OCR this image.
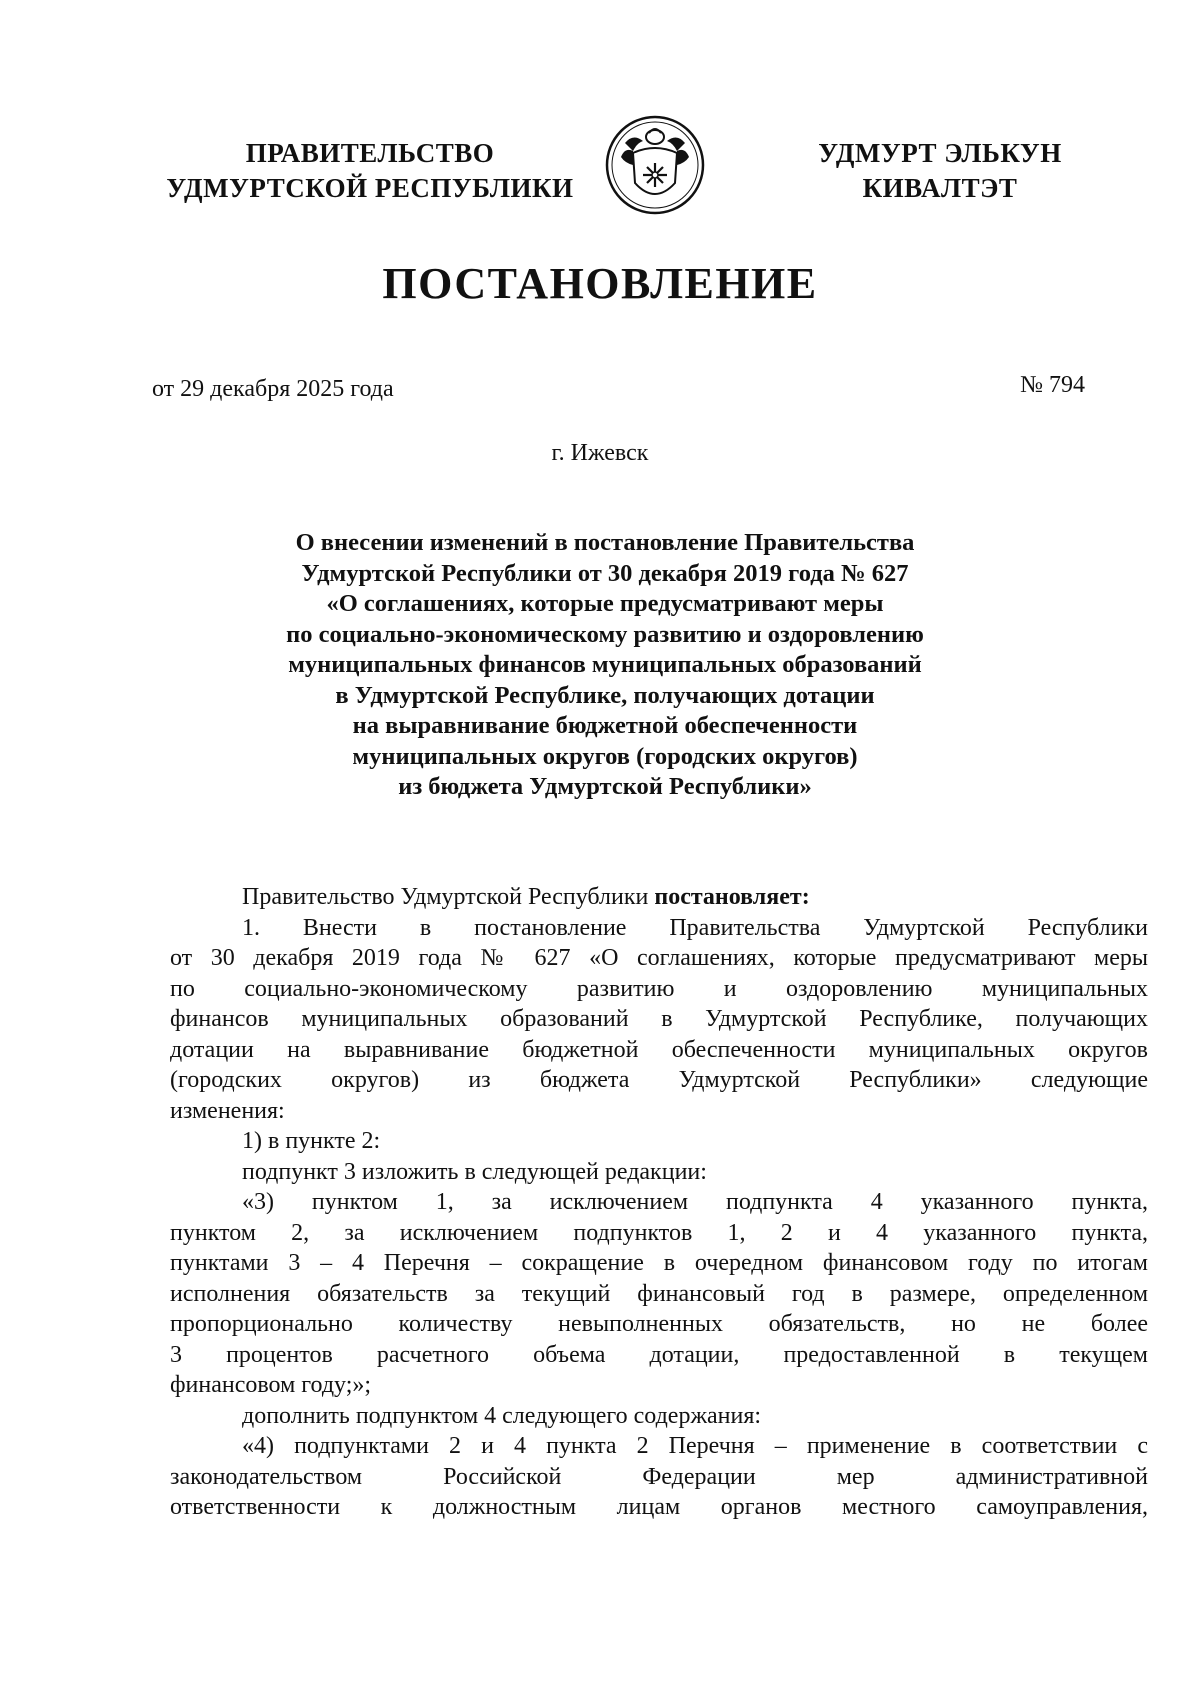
ПРАВИТЕЛЬСТВО
УДМУРТСКОЙ РЕСПУБЛИКИ
УДМУРТ ЭЛЬКУН
КИВАЛТЭТ
ПОСТАНОВЛЕНИЕ
от 29 декабря 2025 года	№ 794
г. Ижевск
О внесении изменений в постановление Правительства
Удмуртской Республики от 30 декабря 2019 года № 627
«О соглашениях, которые предусматривают меры
по социально-экономическому развитию и оздоровлению
муниципальных финансов муниципальных образований
в Удмуртской Республике, получающих дотации
на выравнивание бюджетной обеспеченности
муниципальных округов (городских округов)
из бюджета Удмуртской Республики»
Правительство Удмуртской Республики постановляет:
1. Внести в постановление Правительства Удмуртской Республики
от 30 декабря 2019 года № 627 «О соглашениях, которые предусматривают меры
по социально-экономическому развитию и оздоровлению муниципальных
финансов муниципальных образований в Удмуртской Республике, получающих
дотации на выравнивание бюджетной обеспеченности муниципальных округов
(городских округов) из бюджета Удмуртской Республики» следующие
изменения:
1) в пункте 2:
подпункт 3 изложить в следующей редакции:
«3) пунктом 1, за исключением подпункта 4 указанного пункта,
пунктом 2, за исключением подпунктов 1, 2 и 4 указанного пункта,
пунктами 3 – 4 Перечня – сокращение в очередном финансовом году по итогам
исполнения обязательств за текущий финансовый год в размере, определенном
пропорционально количеству невыполненных обязательств, но не более
3 процентов расчетного объема дотации, предоставленной в текущем
финансовом году;»;
дополнить подпунктом 4 следующего содержания:
«4) подпунктами 2 и 4 пункта 2 Перечня – применение в соответствии с
законодательством Российской Федерации мер административной
ответственности к должностным лицам органов местного самоуправления,
